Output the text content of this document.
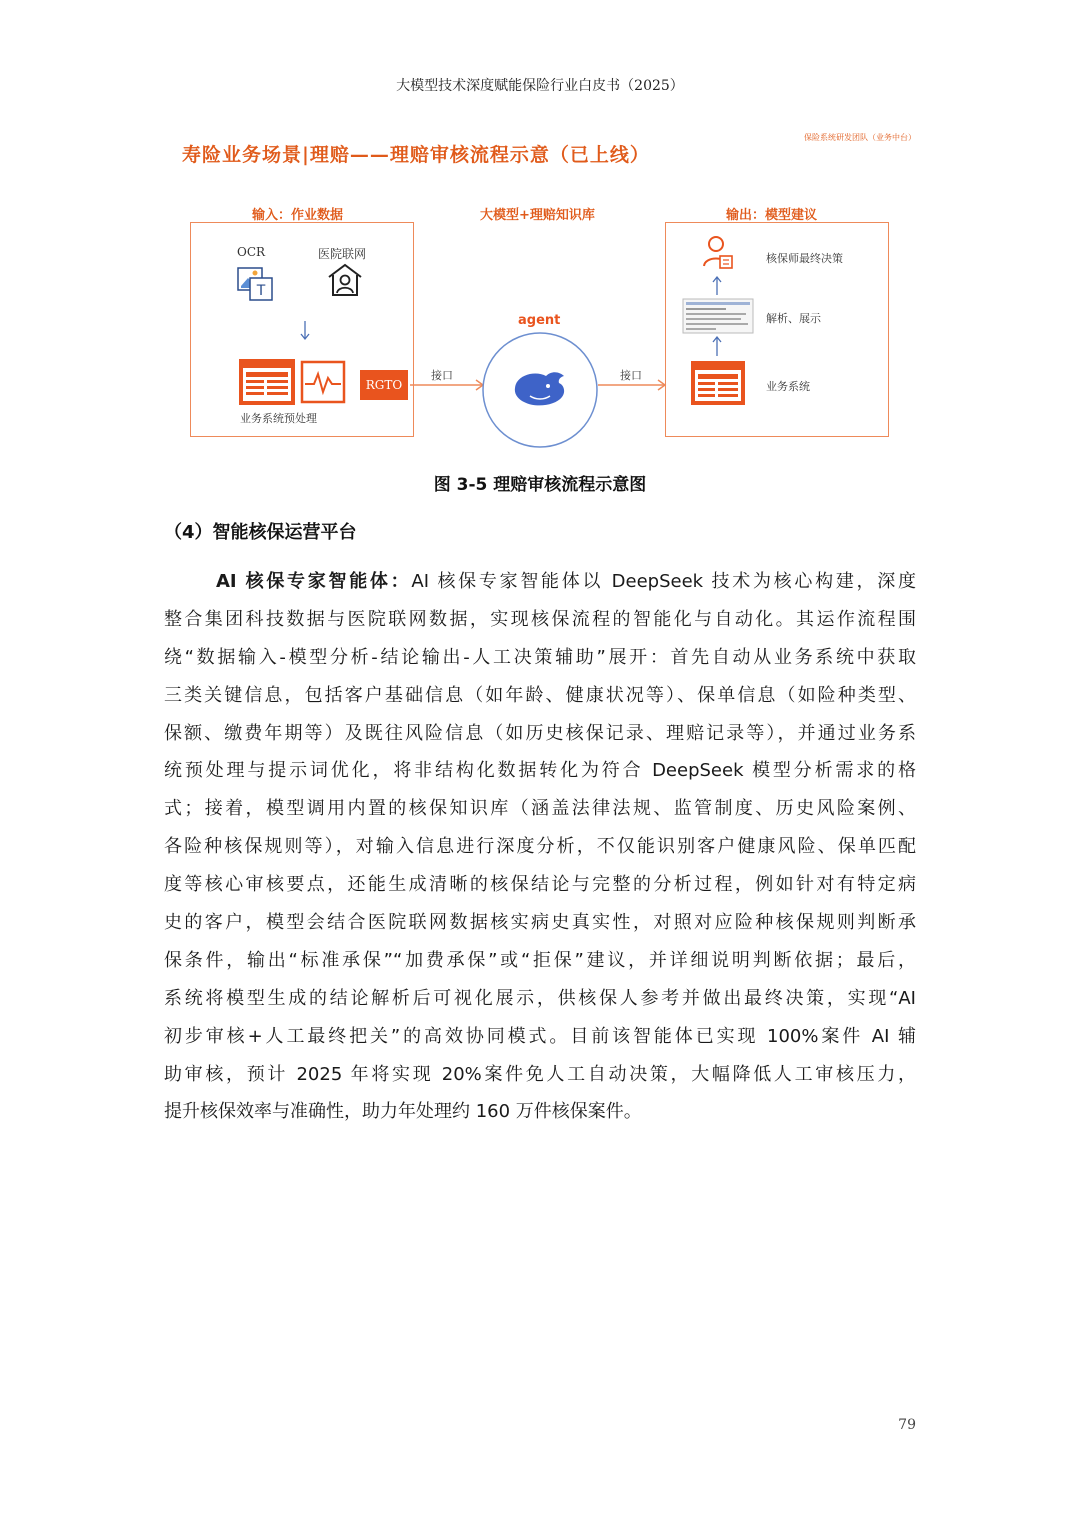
大模型技术深度赋能保险行业白皮书（2025）
寿险业务场景|理赔——理赔审核流程示意（已上线）
保险系统研发团队（业务中台）
输入：作业数据	大模型+理赔知识库	输出：模型建议
OCR	医院联网
T
RGTO
业务系统预处理
接口
agent
接口
核保师最终决策
解析、展示
业务系统
图 3-5 理赔审核流程示意图
（4）智能核保运营平台
AI 核保专家智能体：AI 核保专家智能体以 DeepSeek 技术为核心构建，深度
整合集团科技数据与医院联网数据，实现核保流程的智能化与自动化。其运作流程围
绕“数据输入-模型分析-结论输出-人工决策辅助”展开：首先自动从业务系统中获取
三类关键信息，包括客户基础信息（如年龄、健康状况等）、保单信息（如险种类型、
保额、缴费年期等）及既往风险信息（如历史核保记录、理赔记录等），并通过业务系
统预处理与提示词优化，将非结构化数据转化为符合 DeepSeek 模型分析需求的格
式；接着，模型调用内置的核保知识库（涵盖法律法规、监管制度、历史风险案例、
各险种核保规则等），对输入信息进行深度分析，不仅能识别客户健康风险、保单匹配
度等核心审核要点，还能生成清晰的核保结论与完整的分析过程，例如针对有特定病
史的客户，模型会结合医院联网数据核实病史真实性，对照对应险种核保规则判断承
保条件，输出“标准承保”“加费承保”或“拒保”建议，并详细说明判断依据；最后，
系统将模型生成的结论解析后可视化展示，供核保人参考并做出最终决策，实现“AI
初步审核+人工最终把关”的高效协同模式。目前该智能体已实现 100%案件 AI 辅
助审核，预计 2025 年将实现 20%案件免人工自动决策，大幅降低人工审核压力，
提升核保效率与准确性，助力年处理约 160 万件核保案件。
79
